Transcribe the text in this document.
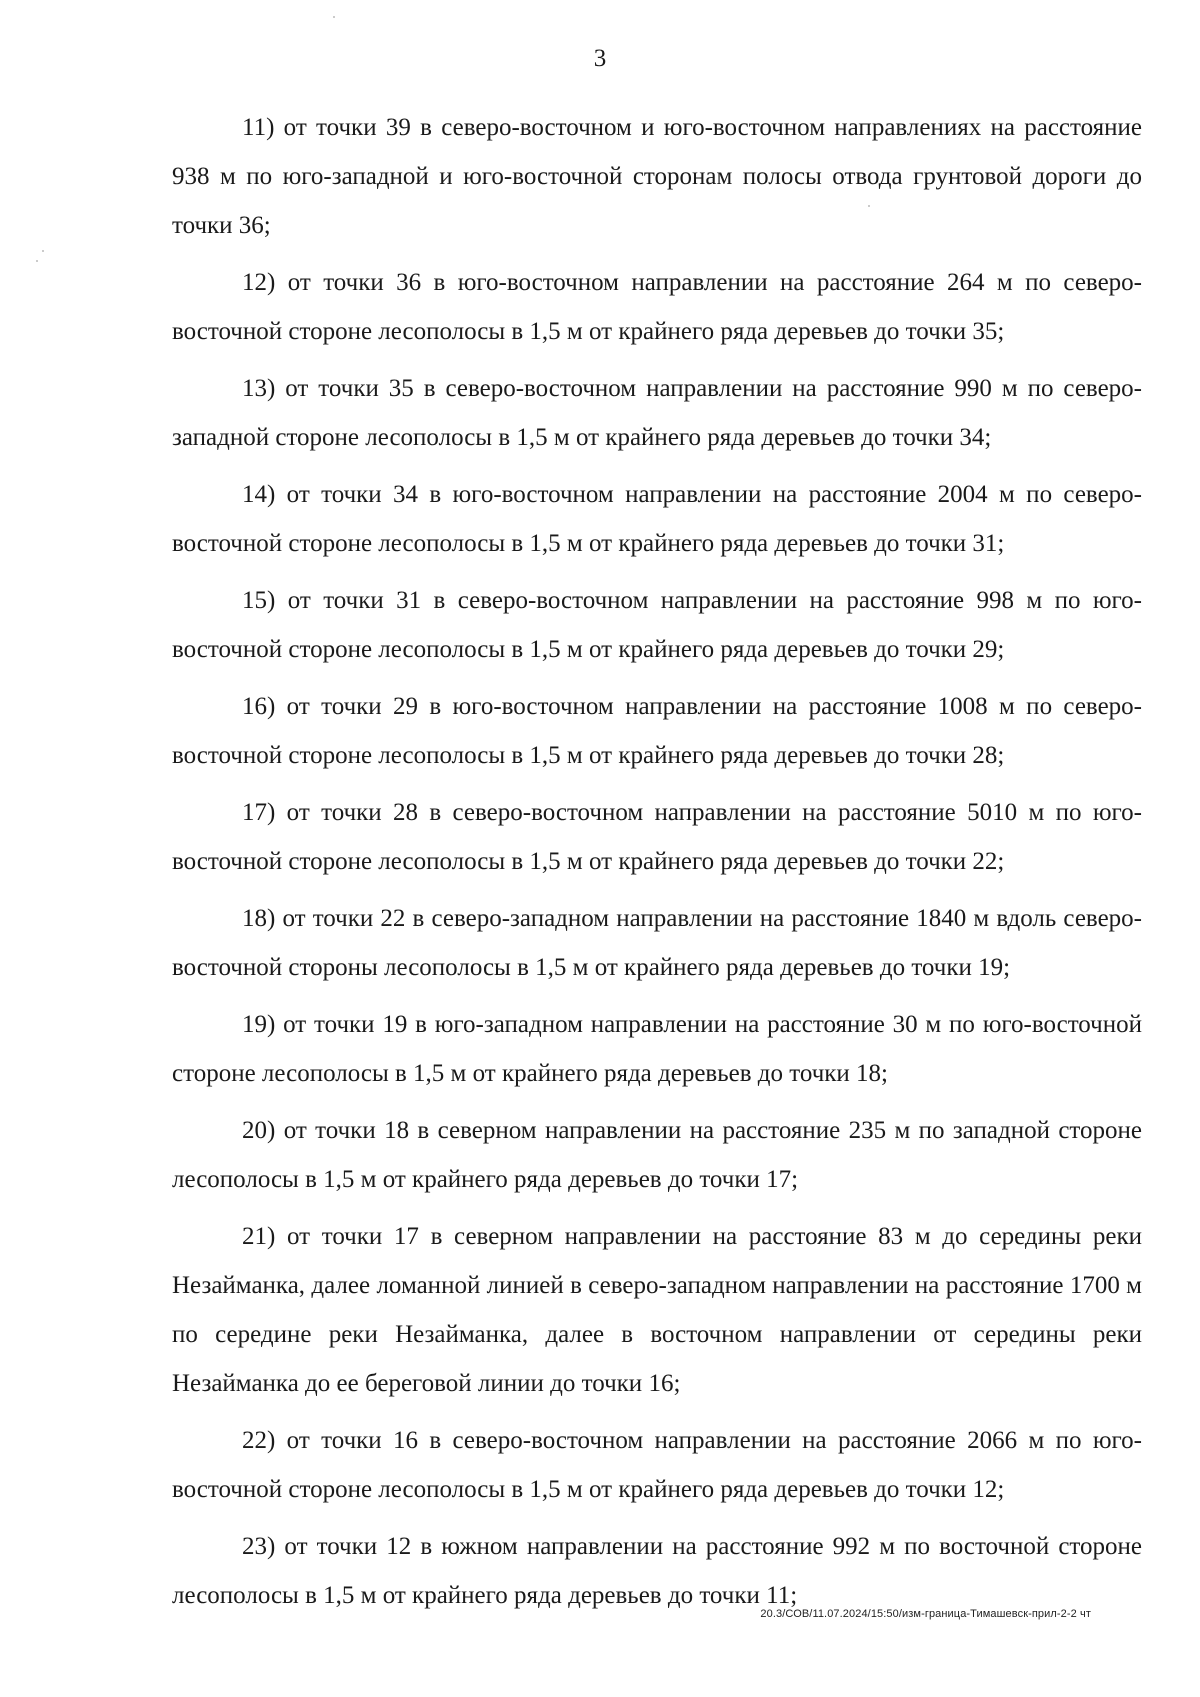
3

11) от точки 39 в северо-восточном и юго-восточном направлениях на расстояние 938 м по юго-западной и юго-восточной сторонам полосы отвода грунтовой дороги до точки 36;

12) от точки 36 в юго-восточном направлении на расстояние 264 м по северо-восточной стороне лесополосы в 1,5 м от крайнего ряда деревьев до точки 35;

13) от точки 35 в северо-восточном направлении на расстояние 990 м по северо-западной стороне лесополосы в 1,5 м от крайнего ряда деревьев до точки 34;

14) от точки 34 в юго-восточном направлении на расстояние 2004 м по северо-восточной стороне лесополосы в 1,5 м от крайнего ряда деревьев до точки 31;

15) от точки 31 в северо-восточном направлении на расстояние 998 м по юго-восточной стороне лесополосы в 1,5 м от крайнего ряда деревьев до точки 29;

16) от точки 29 в юго-восточном направлении на расстояние 1008 м по северо-восточной стороне лесополосы в 1,5 м от крайнего ряда деревьев до точки 28;

17) от точки 28 в северо-восточном направлении на расстояние 5010 м по юго-восточной стороне лесополосы в 1,5 м от крайнего ряда деревьев до точки 22;

18) от точки 22 в северо-западном направлении на расстояние 1840 м вдоль северо-восточной стороны лесополосы в 1,5 м от крайнего ряда деревьев до точки 19;

19) от точки 19 в юго-западном направлении на расстояние 30 м по юго-восточной стороне лесополосы в 1,5 м от крайнего ряда деревьев до точки 18;

20) от точки 18 в северном направлении на расстояние 235 м по западной стороне лесополосы в 1,5 м от крайнего ряда деревьев до точки 17;

21) от точки 17 в северном направлении на расстояние 83 м до середины реки Незайманка, далее ломанной линией в северо-западном направлении на расстояние 1700 м по середине реки Незайманка, далее в восточном направлении от середины реки Незайманка до ее береговой линии до точки 16;

22) от точки 16 в северо-восточном направлении на расстояние 2066 м по юго-восточной стороне лесополосы в 1,5 м от крайнего ряда деревьев до точки 12;

23) от точки 12 в южном направлении на расстояние 992 м по восточной стороне лесополосы в 1,5 м от крайнего ряда деревьев до точки 11;

20.3/СОВ/11.07.2024/15:50/изм-граница-Тимашевск-прил-2-2 чт
